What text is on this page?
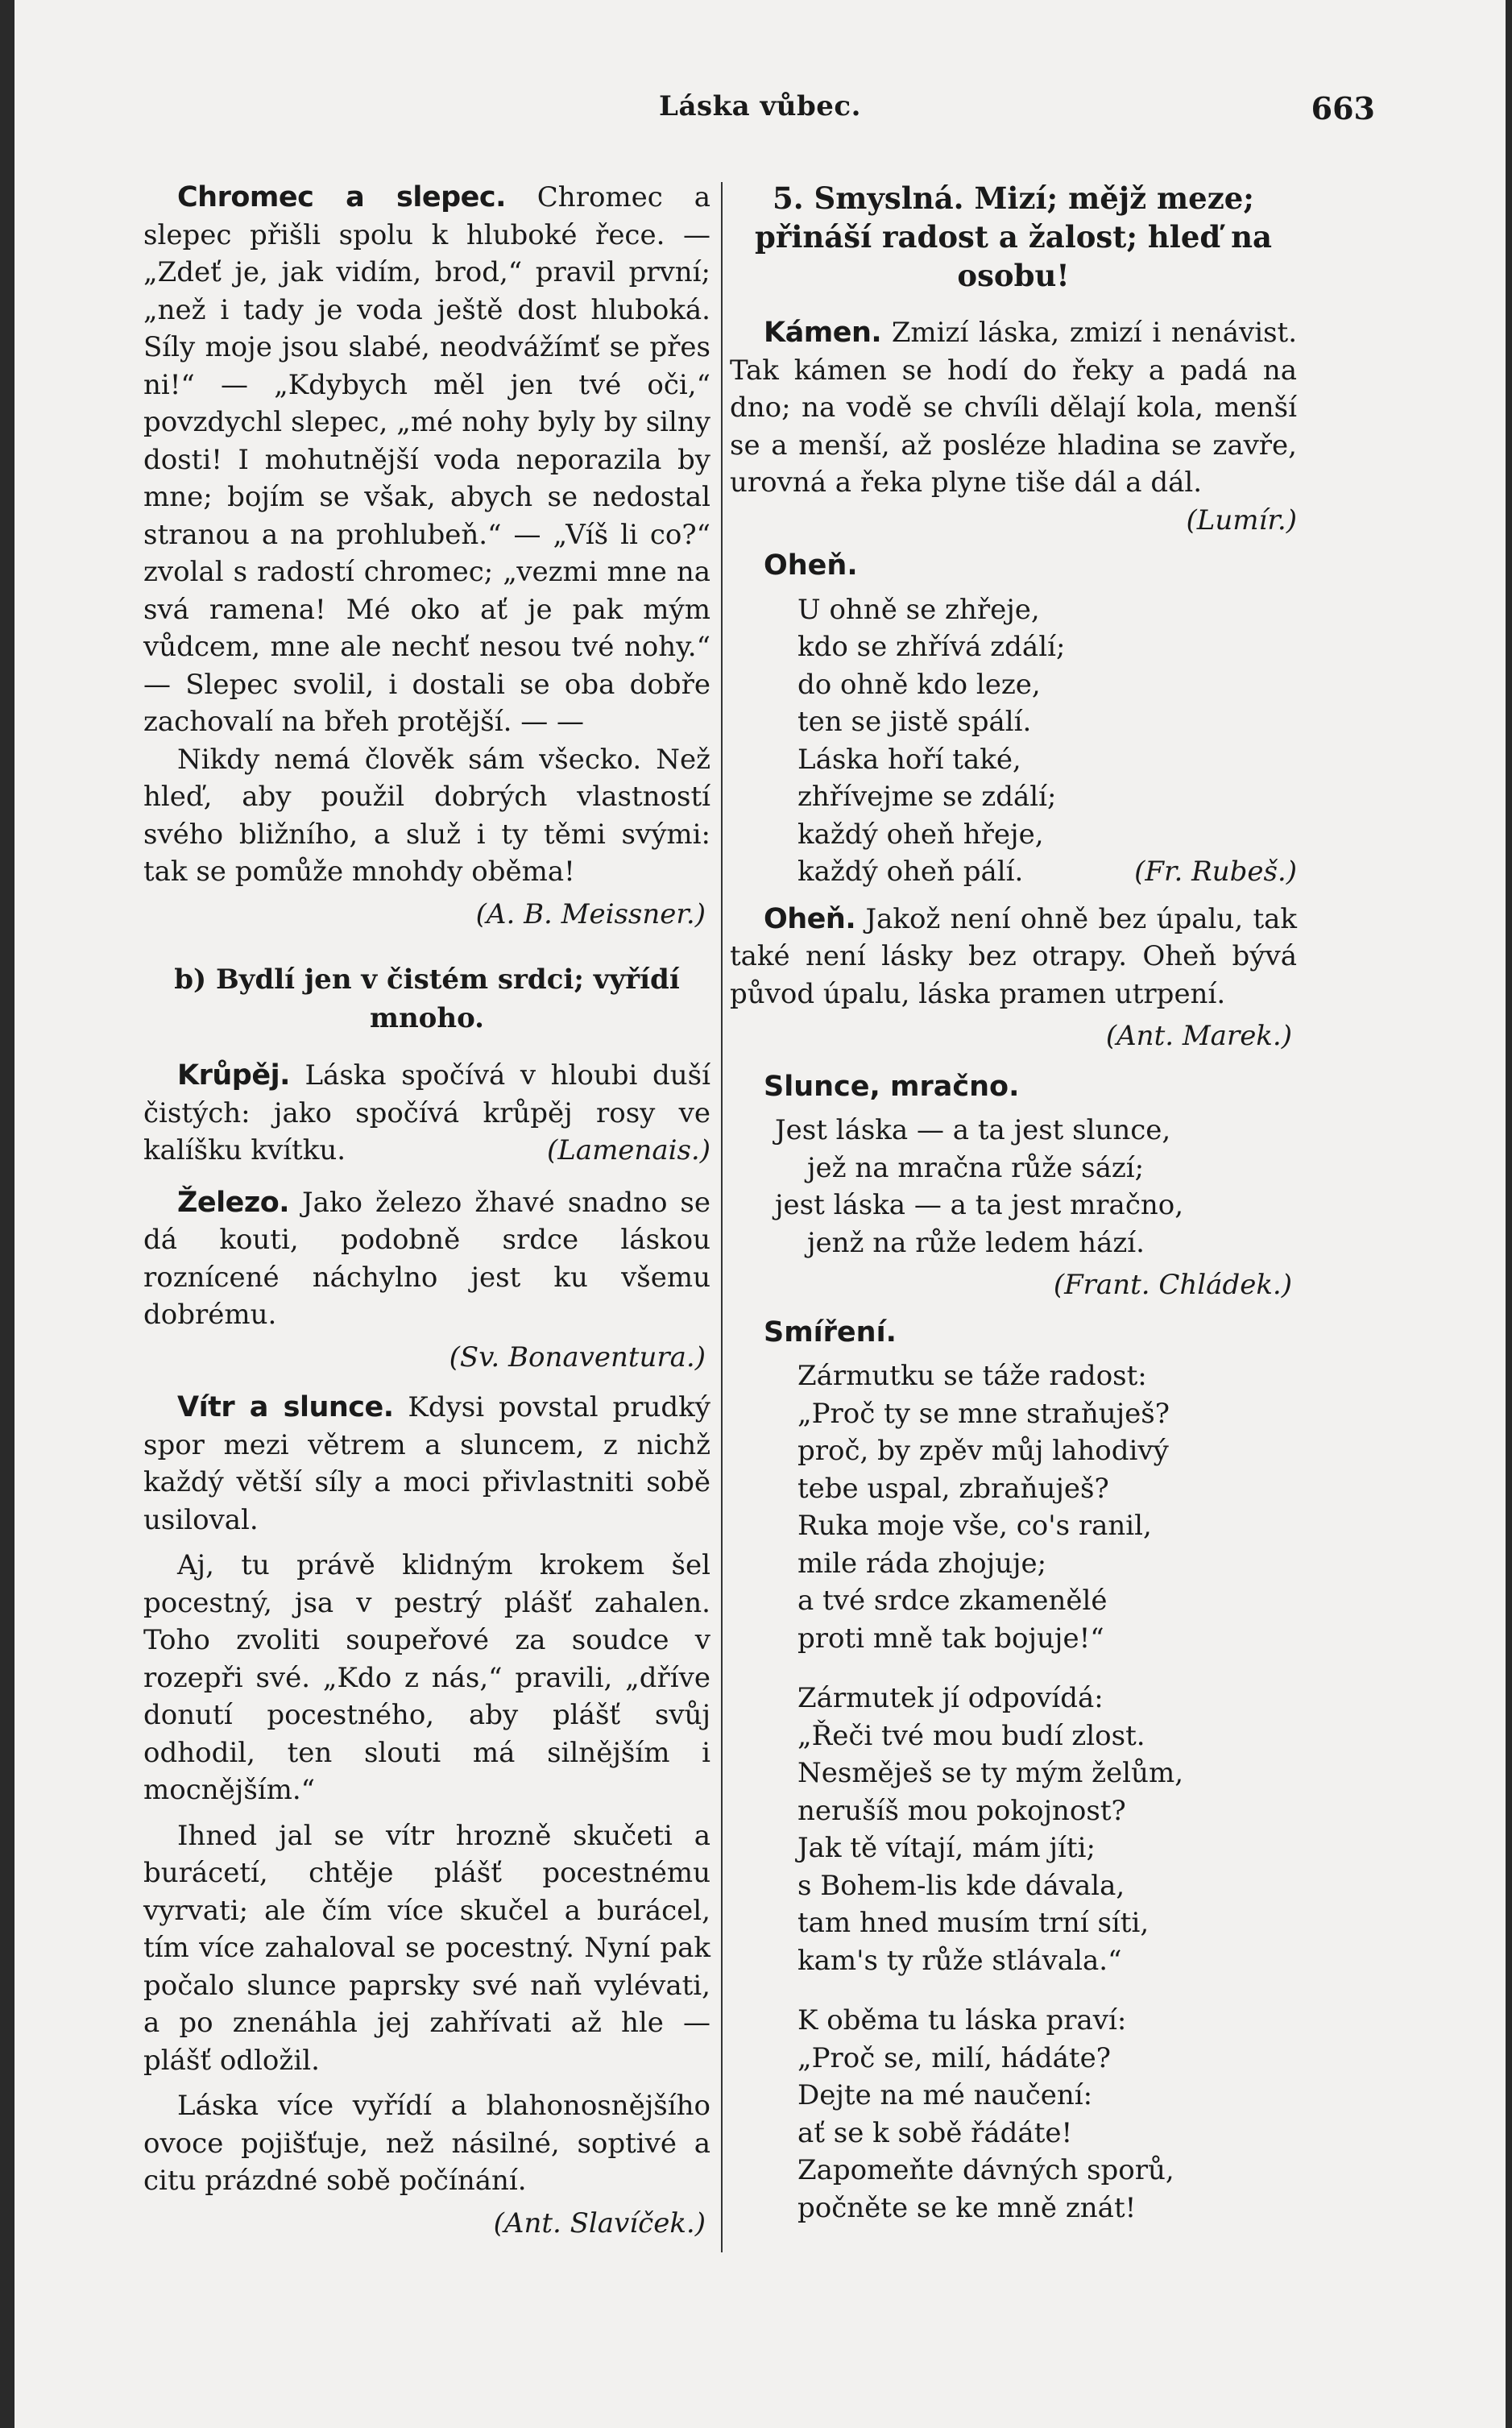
Láska vůbec.	663

Chromec a slepec. Chromec a slepec přišli spolu k hluboké řece. — „Zdeť je, jak vidím, brod,“ pravil první; „než i tady je voda ještě dost hluboká. Síly moje jsou slabé, neodvážímť se přes ni!“ — „Kdybych měl jen tvé oči,“ povzdychl slepec, „mé nohy byly by silny dosti! I mohutnější voda neporazila by mne; bojím se však, abych se nedostal stranou a na prohlubeň.“ — „Víš li co?“ zvolal s radostí chromec; „vezmi mne na svá ramena! Mé oko ať je pak mým vůdcem, mne ale nechť nesou tvé nohy.“ — Slepec svolil, i dostali se oba dobře zachovalí na břeh protější. — —

Nikdy nemá člověk sám všecko. Než hleď, aby použil dobrých vlastností svého bližního, a služ i ty těmi svými: tak se pomůže mnohdy oběma!

(A. B. Meissner.)
b) Bydlí jen v čistém srdci; vyřídí mnoho.

Krůpěj. Láska spočívá v hloubi duší čistých: jako spočívá krůpěj rosy ve kalíšku kvítku.	(Lamenais.)

Železo. Jako železo žhavé snadno se dá kouti, podobně srdce láskou roznícené náchylno jest ku všemu dobrému.

(Sv. Bonaventura.)

Vítr a slunce. Kdysi povstal prudký spor mezi větrem a sluncem, z nichž každý větší síly a moci přivlastniti sobě usiloval.

Aj, tu právě klidným krokem šel pocestný, jsa v pestrý plášť zahalen. Toho zvoliti soupeřové za soudce v rozepři své. „Kdo z nás,“ pravili, „dříve donutí pocestného, aby plášť svůj odhodil, ten slouti má silnějším i mocnějším.“

Ihned jal se vítr hrozně skučeti a burácetí, chtěje plášť pocestnému vyrvati; ale čím více skučel a burácel, tím více zahaloval se pocestný. Nyní pak počalo slunce paprsky své naň vylévati, a po znenáhla jej zahřívati až hle — plášť odložil.

Láska více vyřídí a blahonosnějšího ovoce pojišťuje, než násilné, soptivé a citu prázdné sobě počínání.

(Ant. Slavíček.)
5. Smyslná. Mizí; mějž meze; přináší radost a žalost; hleď na osobu!

Kámen. Zmizí láska, zmizí i nenávist. Tak kámen se hodí do řeky a padá na dno; na vodě se chvíli dělají kola, menší se a menší, až posléze hladina se zavře, urovná a řeka plyne tiše dál a dál.
(Lumír.)

Oheň.
U ohně se zhřeje,
kdo se zhřívá zdálí;
do ohně kdo leze,
ten se jistě spálí.
Láska hoří také,
zhřívejme se zdálí;
každý oheň hřeje,
každý oheň pálí.	(Fr. Rubeš.)

Oheň. Jakož není ohně bez úpalu, tak také není lásky bez otrapy. Oheň bývá původ úpalu, láska pramen utrpení.

(Ant. Marek.)
Slunce, mračno.
Jest láska — a ta jest slunce,
jež na mračna růže sází;
jest láska — a ta jest mračno,
jenž na růže ledem hází.
(Frant. Chládek.)
Smíření.
Zármutku se táže radost:
„Proč ty se mne straňuješ?
proč, by zpěv můj lahodivý
tebe uspal, zbraňuješ?
Ruka moje vše, co's ranil,
mile ráda zhojuje;
a tvé srdce zkamenělé
proti mně tak bojuje!“
Zármutek jí odpovídá:
„Řeči tvé mou budí zlost.
Nesměješ se ty mým želům,
nerušíš mou pokojnost?
Jak tě vítají, mám jíti;
s Bohem-lis kde dávala,
tam hned musím trní síti,
kam's ty růže stlávala.“
K oběma tu láska praví:
„Proč se, milí, hádáte?
Dejte na mé naučení:
ať se k sobě řádáte!
Zapomeňte dávných sporů,
počněte se ke mně znát!
